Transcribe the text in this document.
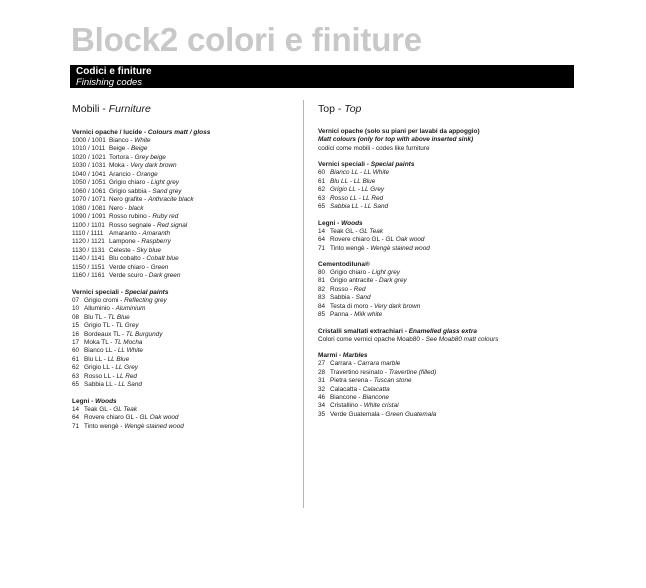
Block2 colori e finiture
Codici e finiture
Finishing codes
Mobili - Furniture
Vernici opache / lucide - Colours matt / gloss
1000 / 1001 Bianco - White
1010 / 1011 Beige - Beige
1020 / 1021 Tortora - Grey beige
1030 / 1031 Moka - Very dark brown
1040 / 1041 Arancio - Orange
1050 / 1051 Grigio chiaro - Light grey
1060 / 1061 Grigio sabbia - Sand grey
1070 / 1071 Nero grafite - Anthracite black
1080 / 1081 Nero - black
1090 / 1091 Rosso rubino - Ruby red
1100 / 1101 Rosso segnale - Red signal
1110 / 1111 Amaranto - Amaranth
1120 / 1121 Lampone - Raspberry
1130 / 1131 Celeste - Sky blue
1140 / 1141 Blu cobalto - Cobalt blue
1150 / 1151 Verde chiaro - Green
1160 / 1161 Verde scuro - Dark green
Vernici speciali - Special paints
07 Grigio cromi - Reflecting grey
10 Alluminio - Aluminium
08 Blu TL - TL Blue
15 Grigio TL - TL Grey
16 Bordeaux TL - TL Burgundy
17 Moka TL - TL Mocha
60 Bianco LL - LL White
61 Blu LL - LL Blue
62 Grigio LL - LL Grey
63 Rosso LL - LL Red
65 Sabbia LL - LL Sand
Legni - Woods
14 Teak GL - GL Teak
64 Rovere chiaro GL - GL Oak wood
71 Tinto wengè - Wengè stained wood
Top - Top
Vernici opache (solo su piani per lavabi da appoggio)
Matt colours (only for top with above inserted sink)
codici come mobili - codes like furniture
Vernici speciali - Special paints
60 Bianco LL - LL White
61 Blu LL - LL Blue
62 Grigio LL - LL Grey
63 Rosso LL - LL Red
65 Sabbia LL - LL Sand
Legni - Woods
14 Teak GL - GL Teak
64 Rovere chiaro GL - GL Oak wood
71 Tinto wengè - Wengè stained wood
Cementodiluna®
80 Grigio chiaro - Light grey
81 Grigio antracite - Dark grey
82 Rosso - Red
83 Sabbia - Sand
84 Testa di moro - Very dark brown
85 Panna - Milk white
Cristalli smaltati extrachiari - Enamelled glass extra
Colori come vernici opache Moab80 - See Moab80 matt colours
Marmi - Marbles
27 Carrara - Carrara marble
28 Travertino resinato - Travertine (filled)
31 Pietra serena - Tuscan stone
32 Calacatta - Calacatta
46 Biancone - Biancone
34 Cristallino - White cristal
35 Verde Guatemala - Green Guatemala
